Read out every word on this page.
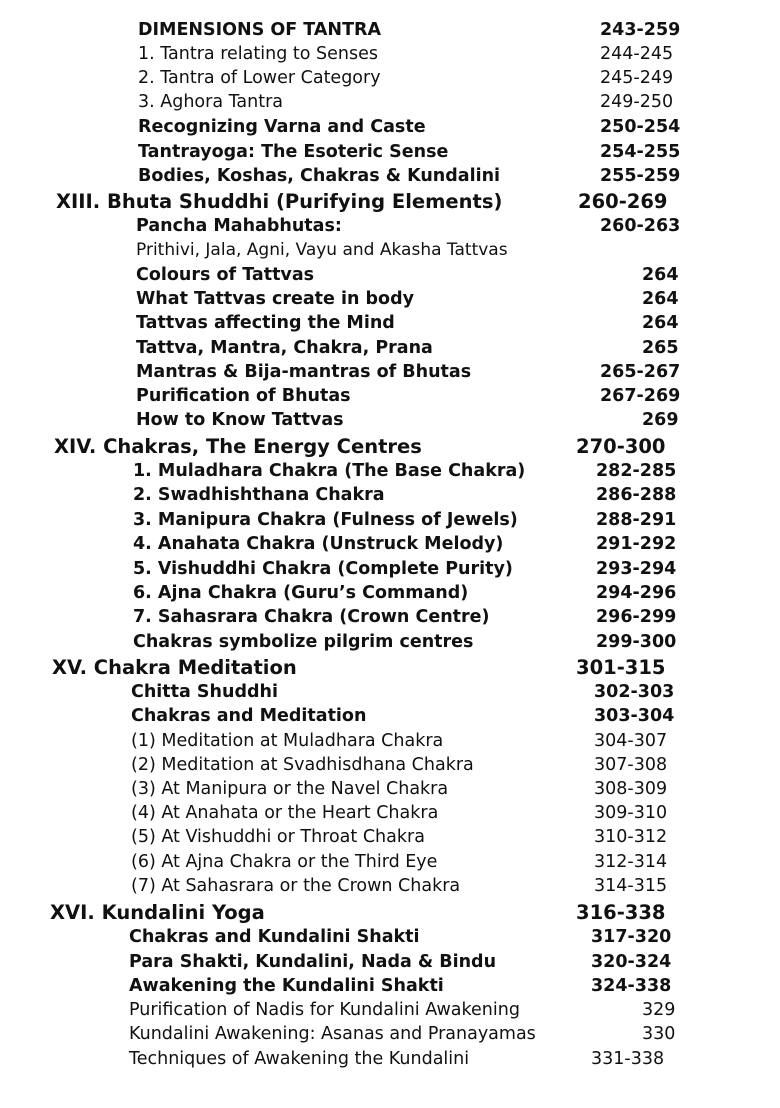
DIMENSIONS OF TANTRA	243-259
1. Tantra relating to Senses	244-245
2. Tantra of Lower Category	245-249
3. Aghora Tantra	249-250
Recognizing Varna and Caste	250-254
Tantrayoga: The Esoteric Sense	254-255
Bodies, Koshas, Chakras & Kundalini	255-259
XIII. Bhuta Shuddhi (Purifying Elements)	260-269
Pancha Mahabhutas:	260-263
Prithivi, Jala, Agni, Vayu and Akasha Tattvas
Colours of Tattvas	264
What Tattvas create in body	264
Tattvas affecting the Mind	264
Tattva, Mantra, Chakra, Prana	265
Mantras & Bija-mantras of Bhutas	265-267
Purification of Bhutas	267-269
How to Know Tattvas	269
XIV. Chakras, The Energy Centres	270-300
1. Muladhara Chakra (The Base Chakra)	282-285
2. Swadhishthana Chakra	286-288
3. Manipura Chakra (Fulness of Jewels)	288-291
4. Anahata Chakra (Unstruck Melody)	291-292
5. Vishuddhi Chakra (Complete Purity)	293-294
6. Ajna Chakra (Guru’s Command)	294-296
7. Sahasrara Chakra (Crown Centre)	296-299
Chakras symbolize pilgrim centres	299-300
XV. Chakra Meditation	301-315
Chitta Shuddhi	302-303
Chakras and Meditation	303-304
(1) Meditation at Muladhara Chakra	304-307
(2) Meditation at Svadhisdhana Chakra	307-308
(3) At Manipura or the Navel Chakra	308-309
(4) At Anahata or the Heart Chakra	309-310
(5) At Vishuddhi or Throat Chakra	310-312
(6) At Ajna Chakra or the Third Eye	312-314
(7) At Sahasrara or the Crown Chakra	314-315
XVI. Kundalini Yoga	316-338
Chakras and Kundalini Shakti	317-320
Para Shakti, Kundalini, Nada & Bindu	320-324
Awakening the Kundalini Shakti	324-338
Purification of Nadis for Kundalini Awakening	329
Kundalini Awakening: Asanas and Pranayamas	330
Techniques of Awakening the Kundalini	331-338
